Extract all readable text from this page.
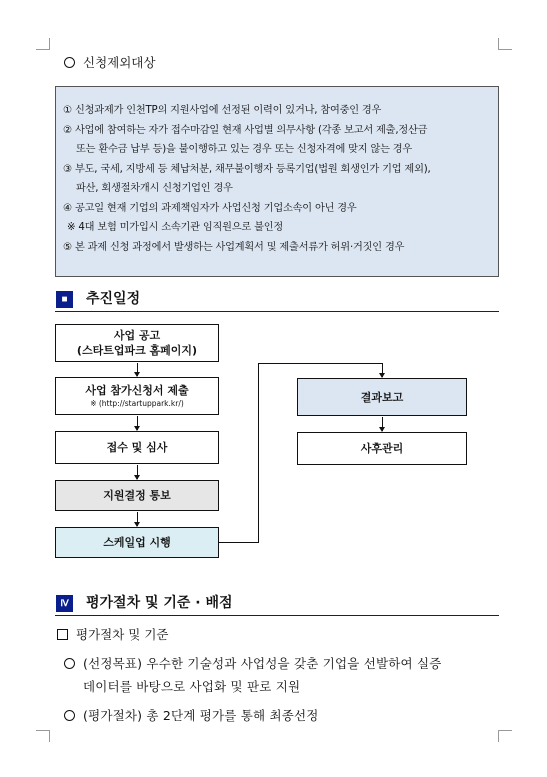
신청제외대상
① 신청과제가 인천TP의 지원사업에 선정된 이력이 있거나, 참여중인 경우
② 사업에 참여하는 자가 접수마감일 현재 사업별 의무사항 (각종 보고서 제출,정산금
또는 환수금 납부 등)을 불이행하고 있는 경우 또는 신청자격에 맞지 않는 경우
③ 부도, 국세, 지방세 등 체납처분, 채무불이행자 등록기업(법원 회생인가 기업 제외),
파산, 회생절차개시 신청기업인 경우
④ 공고일 현재 기업의 과제책임자가 사업신청 기업소속이 아닌 경우
※ 4대 보험 미가입시 소속기관 임직원으로 불인정
⑤ 본 과제 신청 과정에서 발생하는 사업계획서 및 제출서류가 허위·거짓인 경우
■	추진일정
사업 공고
(스타트업파크 홈페이지)
사업 참가신청서 제출
※ (http://startuppark.kr/)
접수 및 심사
지원결정 통보
스케일업 시행
결과보고
사후관리
Ⅳ	평가절차 및 기준 · 배점
평가절차 및 기준
(선정목표) 우수한 기술성과 사업성을 갖춘 기업을 선발하여 실증
데이터를 바탕으로 사업화 및 판로 지원
(평가절차) 총 2단계 평가를 통해 최종선정
